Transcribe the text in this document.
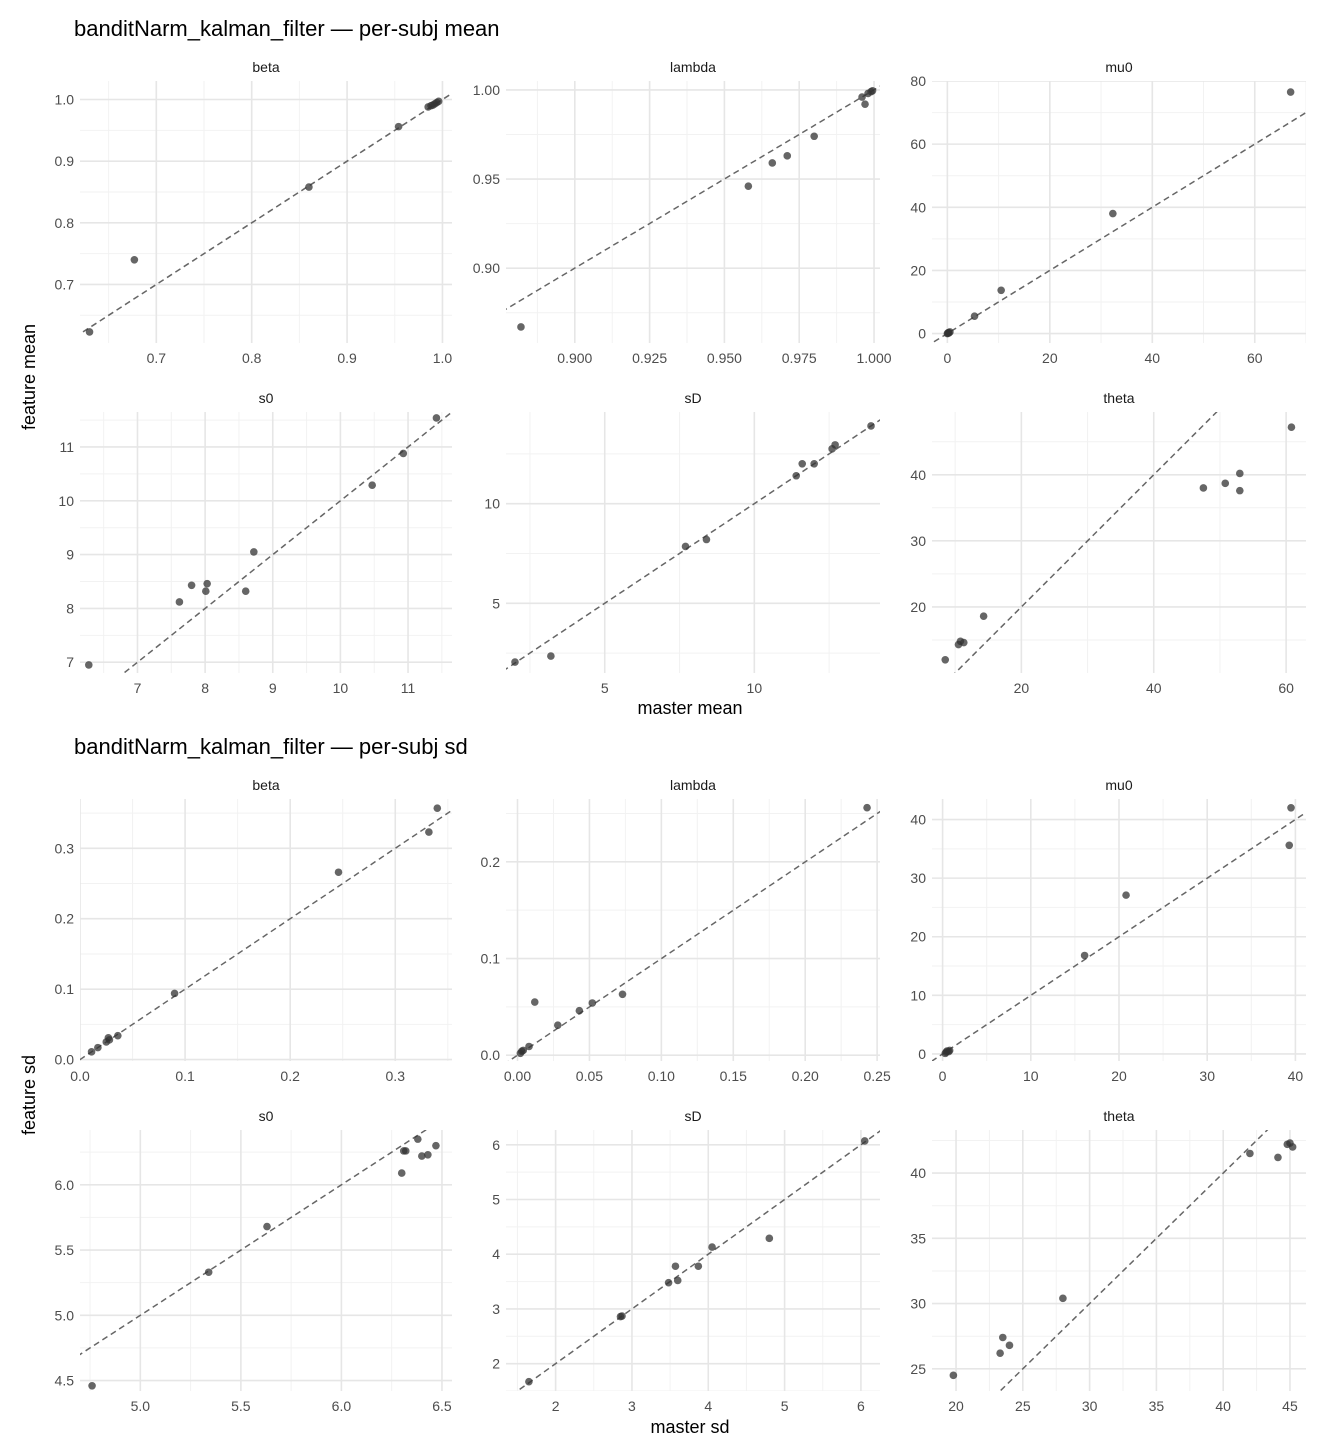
banditNarm_kalman_filter — per-subj mean
master mean
feature mean
banditNarm_kalman_filter — per-subj sd
master sd
feature sd
beta
0.7	0.8	0.9	1.0
0.7
0.8
0.9
1.0
lambda
0.900	0.925	0.950	0.975	1.000
0.90
0.95
1.00
mu0
0	20	40	60
0
20
40
60
80
s0
7	8	9	10	11
7
8
9
10
11
sD
5	10
5
10
theta
20	40	60
20
30
40
beta
0.0	0.1	0.2	0.3
0.0
0.1
0.2
0.3
lambda
0.00	0.05	0.10	0.15	0.20	0.25
0.0
0.1
0.2
mu0
0	10	20	30	40
0
10
20
30
40
s0
5.0	5.5	6.0	6.5
4.5
5.0
5.5
6.0
sD
2	3	4	5	6
2
3
4
5
6
theta
20	25	30	35	40	45
25
30
35
40
